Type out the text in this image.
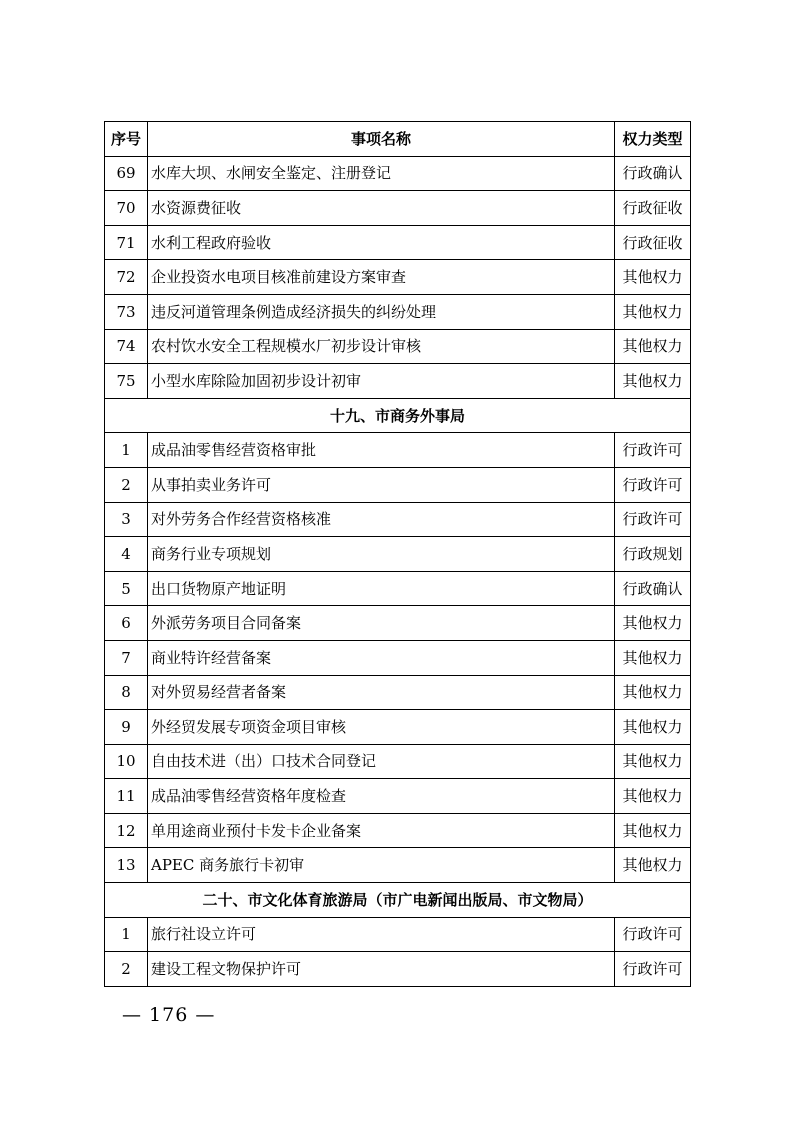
序号	事项名称	权力类型
69	水库大坝、水闸安全鉴定、注册登记	行政确认
70	水资源费征收	行政征收
71	水利工程政府验收	行政征收
72	企业投资水电项目核准前建设方案审查	其他权力
73	违反河道管理条例造成经济损失的纠纷处理	其他权力
74	农村饮水安全工程规模水厂初步设计审核	其他权力
75	小型水库除险加固初步设计初审	其他权力
十九、市商务外事局		
1	成品油零售经营资格审批	行政许可
2	从事拍卖业务许可	行政许可
3	对外劳务合作经营资格核准	行政许可
4	商务行业专项规划	行政规划
5	出口货物原产地证明	行政确认
6	外派劳务项目合同备案	其他权力
7	商业特许经营备案	其他权力
8	对外贸易经营者备案	其他权力
9	外经贸发展专项资金项目审核	其他权力
10	自由技术进（出）口技术合同登记	其他权力
11	成品油零售经营资格年度检查	其他权力
12	单用途商业预付卡发卡企业备案	其他权力
13	APEC 商务旅行卡初审	其他权力
二十、市文化体育旅游局（市广电新闻出版局、市文物局）		
1	旅行社设立许可	行政许可
2	建设工程文物保护许可	行政许可
— 176 —
